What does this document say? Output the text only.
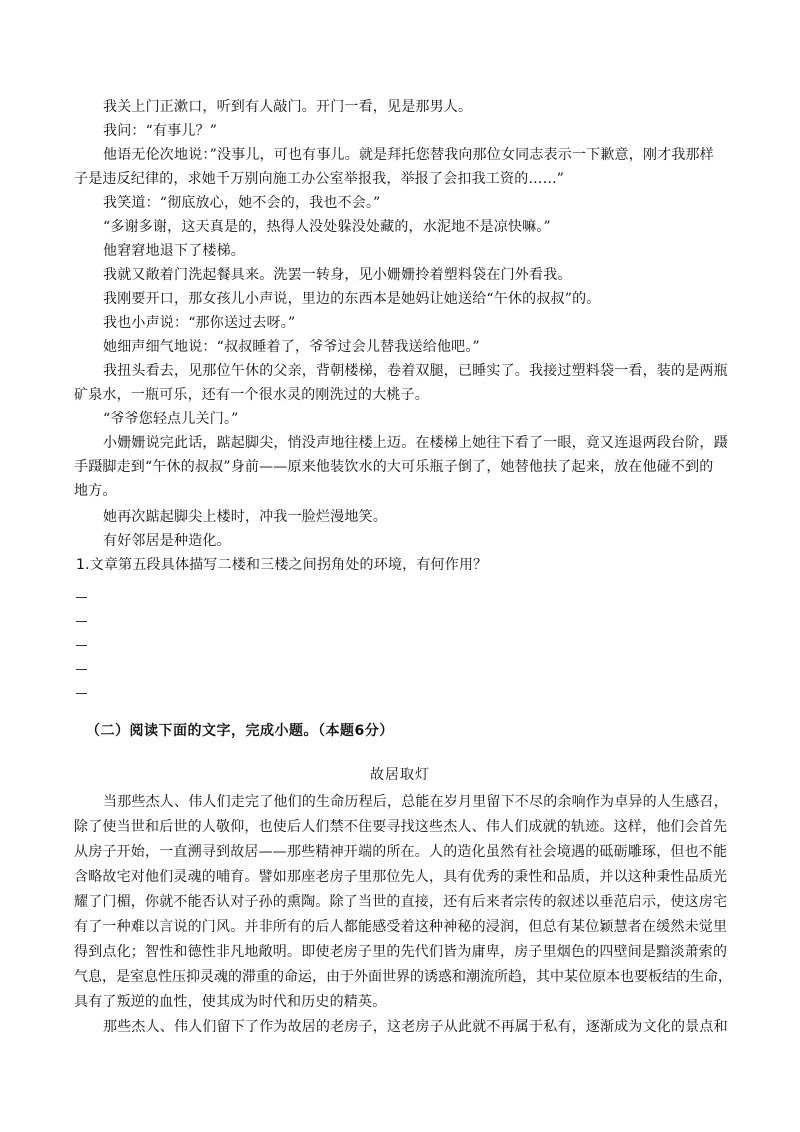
我关上门正漱口，听到有人敲门。开门一看，见是那男人。
我问：“有事儿？”
他语无伦次地说：”没事儿，可也有事儿。就是拜托您替我向那位女同志表示一下歉意，刚才我那样
子是违反纪律的，求她千万别向施工办公室举报我，举报了会扣我工资的……”
我笑道：“彻底放心，她不会的，我也不会。”
“多谢多谢，这天真是的，热得人没处躲没处藏的，水泥地不是凉快嘛。”
他窘窘地退下了楼梯。
我就又敞着门洗起餐具来。洗罢一转身，见小姗姗拎着塑料袋在门外看我。
我刚要开口，那女孩儿小声说，里边的东西本是她妈让她送给“午休的叔叔”的。
我也小声说：“那你送过去呀。”
她细声细气地说：“叔叔睡着了，爷爷过会儿替我送给他吧。”
我扭头看去，见那位午休的父亲，背朝楼梯，卷着双腿，已睡实了。我接过塑料袋一看，装的是两瓶
矿泉水，一瓶可乐，还有一个很水灵的刚洗过的大桃子。
“爷爷您轻点儿关门。”
小姗姗说完此话，踮起脚尖，悄没声地往楼上迈。在楼梯上她往下看了一眼，竟又连退两段台阶，蹑
手蹑脚走到“午休的叔叔”身前——原来他装饮水的大可乐瓶子倒了，她替他扶了起来，放在他碰不到的
地方。
她再次踮起脚尖上楼时，冲我一脸烂漫地笑。
有好邻居是种造化。
1.文章第五段具体描写二楼和三楼之间拐角处的环境，有何作用？
（二）阅读下面的文字，完成小题。（本题6分）
故居取灯
当那些杰人、伟人们走完了他们的生命历程后，总能在岁月里留下不尽的余响作为卓异的人生感召，
除了使当世和后世的人敬仰，也使后人们禁不住要寻找这些杰人、伟人们成就的轨迹。这样，他们会首先
从房子开始，一直溯寻到故居——那些精神开端的所在。人的造化虽然有社会境遇的砥砺雕琢，但也不能
含略故宅对他们灵魂的哺育。譬如那座老房子里那位先人，具有优秀的秉性和品质，并以这种秉性品质光
耀了门楣，你就不能否认对子孙的熏陶。除了当世的直接，还有后来者宗传的叙述以垂范启示，使这房宅
有了一种难以言说的门风。并非所有的后人都能感受着这种神秘的浸润，但总有某位颖慧者在缓然未觉里
得到点化；智性和德性非凡地敞明。即使老房子里的先代们皆为庸卑，房子里烟色的四壁间是黯淡萧索的
气息，是室息性压抑灵魂的滞重的命运，由于外面世界的诱惑和潮流所趋，其中某位原本也要板结的生命，
具有了叛逆的血性，使其成为时代和历史的精英。
那些杰人、伟人们留下了作为故居的老房子，这老房子从此就不再属于私有，逐渐成为文化的景点和
